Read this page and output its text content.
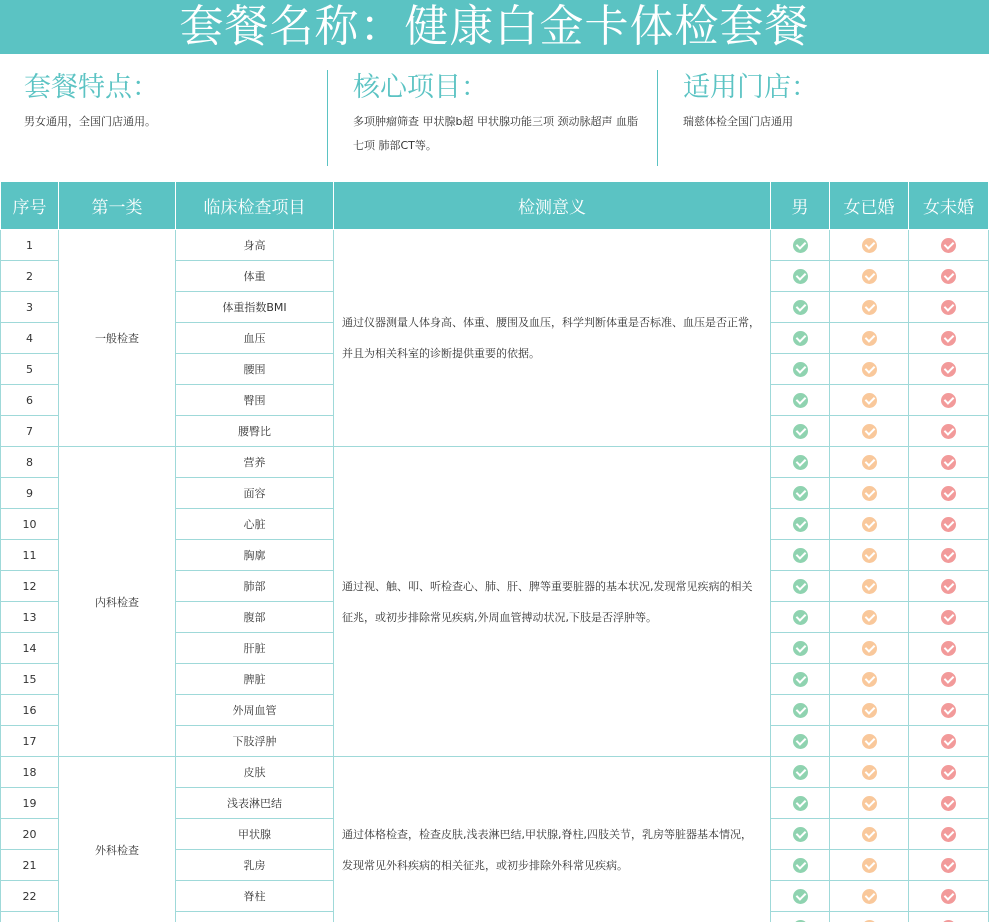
套餐名称：健康白金卡体检套餐
套餐特点：
男女通用，全国门店通用。
核心项目：
多项肿瘤筛查 甲状腺b超 甲状腺功能三项 颈动脉超声 血脂七项 肺部CT等。
适用门店：
瑞慈体检全国门店通用
序号	第一类	临床检查项目	检测意义	男	女已婚	女未婚
1	一般检查	身高	通过仪器测量人体身高、体重、腰围及血压，科学判断体重是否标准、血压是否正常，并且为相关科室的诊断提供重要的依据。			
2		体重				
3		体重指数BMI				
4		血压				
5		腰围				
6		臀围				
7		腰臀比				
8	内科检查	营养	通过视、触、叩、听检查心、肺、肝、脾等重要脏器的基本状况,发现常见疾病的相关征兆，或初步排除常见疾病,外周血管搏动状况,下肢是否浮肿等。			
9		面容				
10		心脏				
11		胸廓				
12		肺部				
13		腹部				
14		肝脏				
15		脾脏				
16		外周血管				
17		下肢浮肿				
18	外科检查	皮肤	通过体格检查，检查皮肤,浅表淋巴结,甲状腺,脊柱,四肢关节，乳房等脏器基本情况，发现常见外科疾病的相关征兆，或初步排除外科常见疾病。			
19		浅表淋巴结				
20		甲状腺				
21		乳房				
22		脊柱				
